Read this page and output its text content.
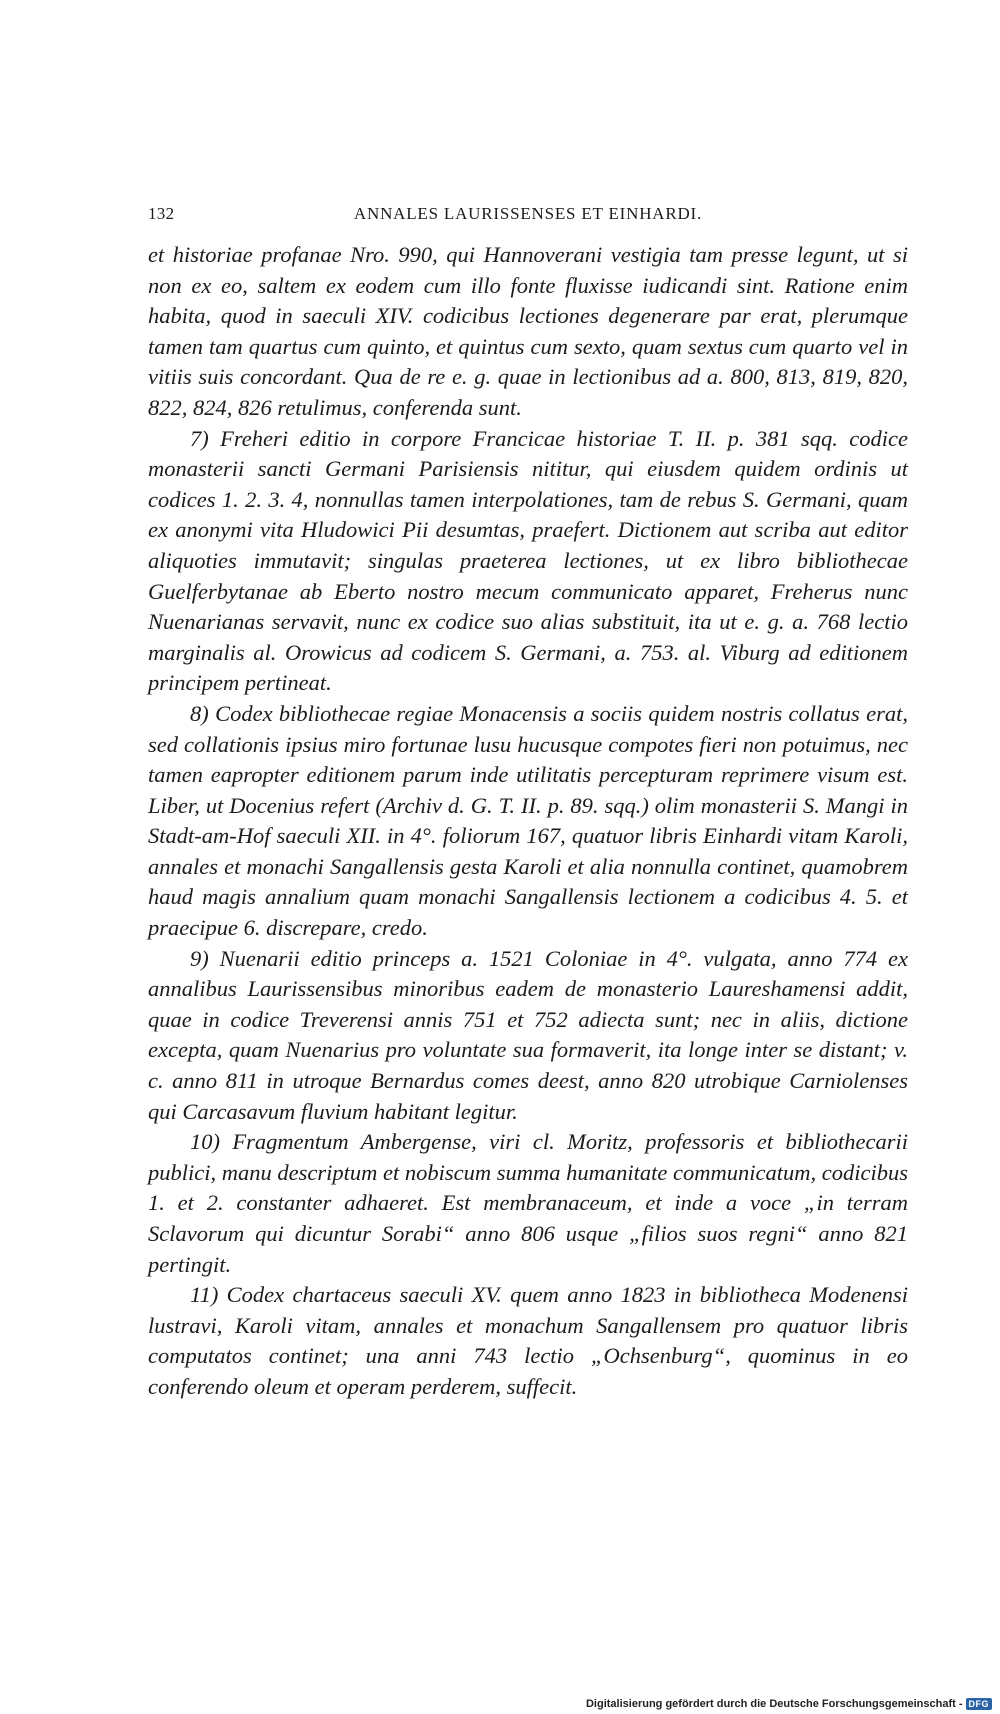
132	ANNALES LAURISSENSES ET EINHARDI.

et historiae profanae Nro. 990, qui Hannoverani vestigia tam presse legunt, ut si non ex eo, saltem ex eodem cum illo fonte fluxisse iudicandi sint. Ratione enim habita, quod in saeculi XIV. codicibus lectiones degenerare par erat, plerumque tamen tam quartus cum quinto, et quintus cum sexto, quam sextus cum quarto vel in vitiis suis concordant. Qua de re e. g. quae in lectionibus ad a. 800, 813, 819, 820, 822, 824, 826 retulimus, conferenda sunt.

7) Freheri editio in corpore Francicae historiae T. II. p. 381 sqq. codice monasterii sancti Germani Parisiensis nititur, qui eiusdem quidem ordinis ut codices 1. 2. 3. 4, nonnullas tamen interpolationes, tam de rebus S. Germani, quam ex anonymi vita Hludowici Pii desumtas, praefert. Dictionem aut scriba aut editor aliquoties immutavit; singulas praeterea lectiones, ut ex libro bibliothecae Guelferbytanae ab Eberto nostro mecum communicato apparet, Freherus nunc Nuenarianas servavit, nunc ex codice suo alias substituit, ita ut e. g. a. 768 lectio marginalis al. Orowicus ad codicem S. Germani, a. 753. al. Viburg ad editionem principem pertineat.

8) Codex bibliothecae regiae Monacensis a sociis quidem nostris collatus erat, sed collationis ipsius miro fortunae lusu hucusque compotes fieri non potuimus, nec tamen eapropter editionem parum inde utilitatis percepturam reprimere visum est. Liber, ut Docenius refert (Archiv d. G. T. II. p. 89. sqq.) olim monasterii S. Mangi in Stadt-am-Hof saeculi XII. in 4°. foliorum 167, quatuor libris Einhardi vitam Karoli, annales et monachi Sangallensis gesta Karoli et alia nonnulla continet, quamobrem haud magis annalium quam monachi Sangallensis lectionem a codicibus 4. 5. et praecipue 6. discrepare, credo.

9) Nuenarii editio princeps a. 1521 Coloniae in 4°. vulgata, anno 774 ex annalibus Laurissensibus minoribus eadem de monasterio Laureshamensi addit, quae in codice Treverensi annis 751 et 752 adiecta sunt; nec in aliis, dictione excepta, quam Nuenarius pro voluntate sua formaverit, ita longe inter se distant; v. c. anno 811 in utroque Bernardus comes deest, anno 820 utrobique Carniolenses qui Carcasavum fluvium habitant legitur.

10) Fragmentum Ambergense, viri cl. Moritz, professoris et bibliothecarii publici, manu descriptum et nobiscum summa humanitate communicatum, codicibus 1. et 2. constanter adhaeret. Est membranaceum, et inde a voce „in terram Sclavorum qui dicuntur Sorabi“ anno 806 usque „filios suos regni“ anno 821 pertingit.

11) Codex chartaceus saeculi XV. quem anno 1823 in bibliotheca Modenensi lustravi, Karoli vitam, annales et monachum Sangallensem pro quatuor libris computatos continet; una anni 743 lectio „Ochsenburg“, quominus in eo conferendo oleum et operam perderem, suffecit.

Digitalisierung gefördert durch die Deutsche Forschungsgemeinschaft - DFG
